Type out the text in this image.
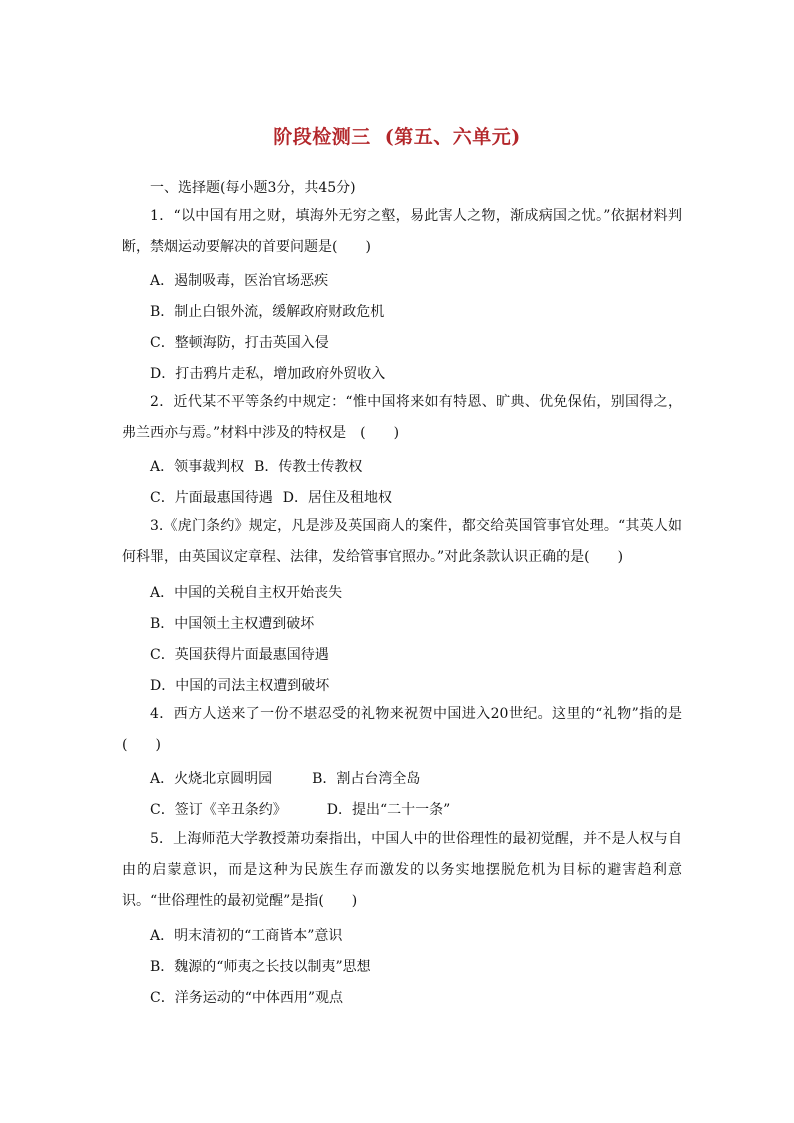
阶段检测三 (第五、六单元)
一、选择题(每小题3分，共45分)
1．“以中国有用之财，填海外无穷之壑，易此害人之物，渐成病国之忧。”依据材料判断，禁烟运动要解决的首要问题是(　　)
A．遏制吸毒，医治官场恶疾
B．制止白银外流，缓解政府财政危机
C．整顿海防，打击英国入侵
D．打击鸦片走私，增加政府外贸收入
2．近代某不平等条约中规定：“惟中国将来如有特恩、旷典、优免保佑，别国得之，弗兰西亦与焉。”材料中涉及的特权是　(　　)
A．领事裁判权 B．传教士传教权
C．片面最惠国待遇 D．居住及租地权
3.《虎门条约》规定，凡是涉及英国商人的案件，都交给英国管事官处理。“其英人如何科罪，由英国议定章程、法律，发给管事官照办。”对此条款认识正确的是(　　)
A．中国的关税自主权开始丧失
B．中国领土主权遭到破坏
C．英国获得片面最惠国待遇
D．中国的司法主权遭到破坏
4．西方人送来了一份不堪忍受的礼物来祝贺中国进入20世纪。这里的“礼物”指的是(　　)
A．火烧北京圆明园	B．割占台湾全岛
C．签订《辛丑条约》	D．提出“二十一条”
5．上海师范大学教授萧功秦指出，中国人中的世俗理性的最初觉醒，并不是人权与自由的启蒙意识，而是这种为民族生存而激发的以务实地摆脱危机为目标的避害趋利意识。“世俗理性的最初觉醒”是指(　　)
A．明末清初的“工商皆本”意识
B．魏源的“师夷之长技以制夷”思想
C．洋务运动的“中体西用”观点
